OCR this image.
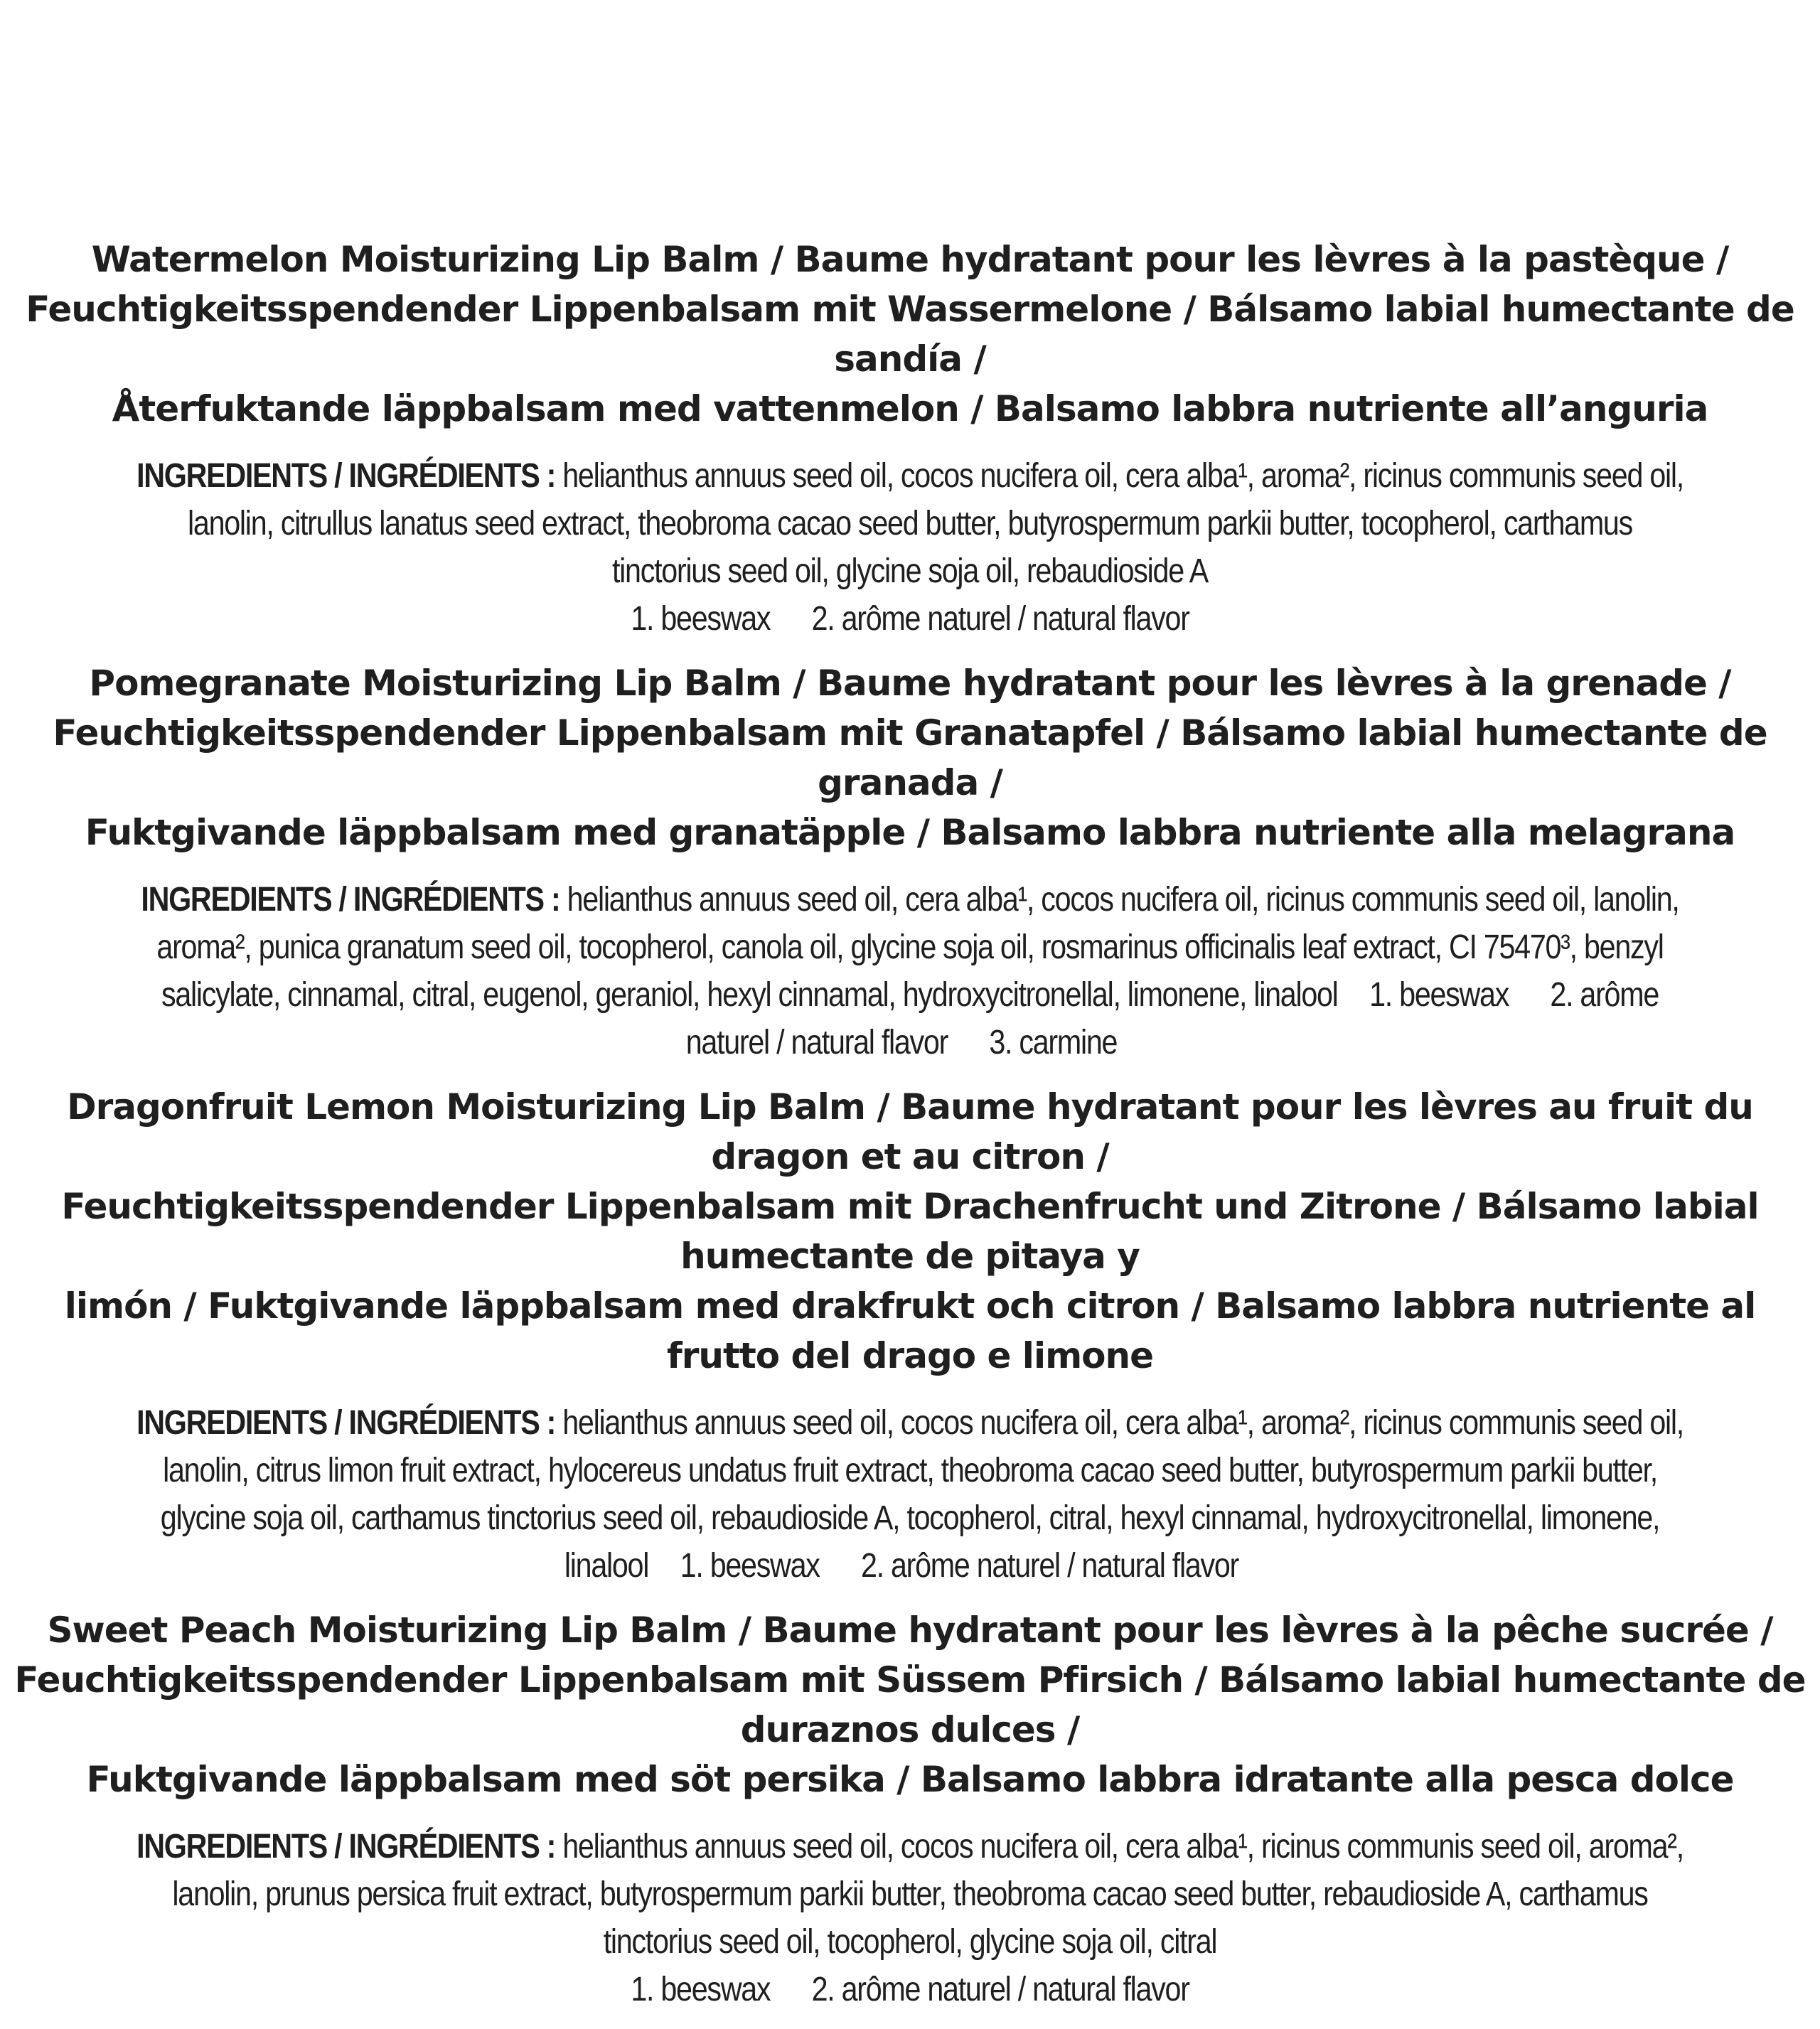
Watermelon Moisturizing Lip Balm / Baume hydratant pour les lèvres à la pastèque /
Feuchtigkeitsspendender Lippenbalsam mit Wassermelone / Bálsamo labial humectante de sandía /
Återfuktande läppbalsam med vattenmelon / Balsamo labbra nutriente all’anguria
INGREDIENTS / INGRÉDIENTS : helianthus annuus seed oil, cocos nucifera oil, cera alba¹, aroma², ricinus communis seed oil, lanolin, citrullus lanatus seed extract, theobroma cacao seed butter, butyrospermum parkii butter, tocopherol, carthamus tinctorius seed oil, glycine soja oil, rebaudioside A
1. beeswax 2. arôme naturel / natural flavor
Pomegranate Moisturizing Lip Balm / Baume hydratant pour les lèvres à la grenade /
Feuchtigkeitsspendender Lippenbalsam mit Granatapfel / Bálsamo labial humectante de granada /
Fuktgivande läppbalsam med granatäpple / Balsamo labbra nutriente alla melagrana
INGREDIENTS / INGRÉDIENTS : helianthus annuus seed oil, cera alba¹, cocos nucifera oil, ricinus communis seed oil, lanolin, aroma², punica granatum seed oil, tocopherol, canola oil, glycine soja oil, rosmarinus officinalis leaf extract, CI 75470³, benzyl salicylate, cinnamal, citral, eugenol, geraniol, hexyl cinnamal, hydroxycitronellal, limonene, linalool 1. beeswax 2. arôme naturel / natural flavor 3. carmine
Dragonfruit Lemon Moisturizing Lip Balm / Baume hydratant pour les lèvres au fruit du dragon et au citron /
Feuchtigkeitsspendender Lippenbalsam mit Drachenfrucht und Zitrone / Bálsamo labial humectante de pitaya y
limón / Fuktgivande läppbalsam med drakfrukt och citron / Balsamo labbra nutriente al frutto del drago e limone
INGREDIENTS / INGRÉDIENTS : helianthus annuus seed oil, cocos nucifera oil, cera alba¹, aroma², ricinus communis seed oil, lanolin, citrus limon fruit extract, hylocereus undatus fruit extract, theobroma cacao seed butter, butyrospermum parkii butter, glycine soja oil, carthamus tinctorius seed oil, rebaudioside A, tocopherol, citral, hexyl cinnamal, hydroxycitronellal, limonene, linalool 1. beeswax 2. arôme naturel / natural flavor
Sweet Peach Moisturizing Lip Balm / Baume hydratant pour les lèvres à la pêche sucrée /
Feuchtigkeitsspendender Lippenbalsam mit Süssem Pfirsich / Bálsamo labial humectante de duraznos dulces /
Fuktgivande läppbalsam med söt persika / Balsamo labbra idratante alla pesca dolce
INGREDIENTS / INGRÉDIENTS : helianthus annuus seed oil, cocos nucifera oil, cera alba¹, ricinus communis seed oil, aroma², lanolin, prunus persica fruit extract, butyrospermum parkii butter, theobroma cacao seed butter, rebaudioside A, carthamus tinctorius seed oil, tocopherol, glycine soja oil, citral
1. beeswax 2. arôme naturel / natural flavor
